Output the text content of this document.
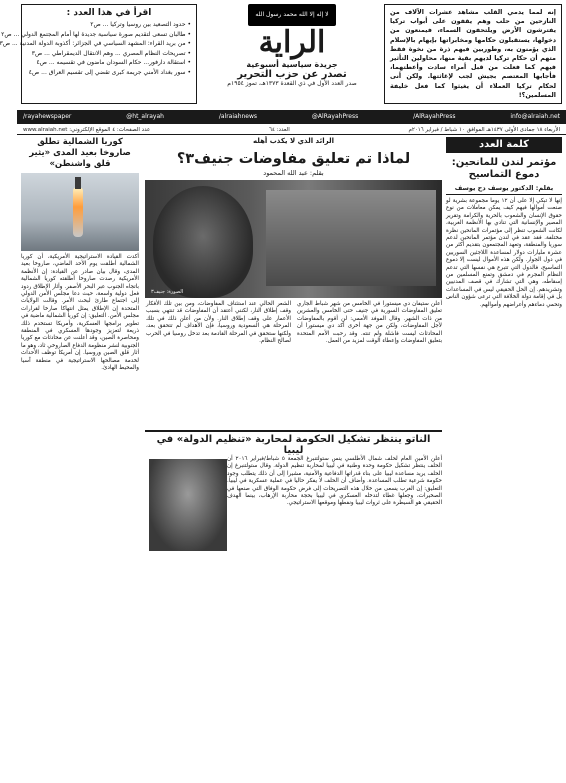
إنه لمما يدمي القلب مشاهد عشرات الآلاف من النازحين من حلب وهم يقفون على أبواب تركيا يفترشون الأرض ويلتحفون السماء، فيمنعون من دخولها، يستقبلون حكامها ومخابراتها بإيهام بالإسلام الذي يؤمنون به، وطوربين فيهم ذرة من نخوة فقط متهم أن حكام تركيا لديهم بقية منها، محاولين التأثير فيهم كما فعلت من قبل أمراء سادت وأعطتهما، فأجابها المعتصم بجيش لجب لإغاثتها. ولكن أنى لحكام تركيا العملاء أن يغيثوا كما فعل خليفة المسلمين؟!
لا إله إلا الله محمد رسول الله
الراية
جريدة سياسية أسبوعية
تصدر عن حزب التحرير
صدر العدد الأول في ذي القعدة ١٣٧٣هـ، تموز ١٩٥٤م
اقرأ في هذا العدد :
• حدود التصعيد بين روسيا وتركيا ... ص٢
• طالبان تسعى لتقديم صورة سياسية جديدة لها أمام المجتمع الدولي ... ص٢
• من بريد القراء: المشهد السياسي في الجزائر: أكذوبة الدولة المدنية ... ص٣
• تصريحات النظام المصري ... وهم الانتقال الديمقراطي ... ص٣
• استقالة دارفور... حكام السودان ماضون في تقسيمه ... ص٤
• سور بغداد الأمني جريمة كبرى تقضي إلى تقسيم العراق ... ص٤
/rayahewspaper	@ht_alrayah	/alraiahnews	@AlRayahPress	/AlRayahPress	info@alraiah.net
الأربعاء ١٨ جمادى الأولى ١٤٣٧هـ الموافق ١٠ شباط / فبراير ٢٠١٦م
العدد: ٦٤
عدد الصفحات: ٤ الموقع الإلكتروني: www.alraiah.net
كلمة العدد
مؤتمر لندن للمانحين: دموع التماسيح
بقلم: الدكتور يوسف دح يوسف
إنها لا تبكي إلا على أن ١٢ يوما مجموعة بشرية لو صنعت أموالها فيهم كيف يمكن معاملات من نوع حقوق الإنسان والشعوب بالحرية والكرامة وتقرير المصير والإنسانية التي تنادي بها الأنظمة الغربية، لكانت الشعوب تنظر إلى مؤتمرات المانحين نظرة مختلفة. فقد عقد في لندن مؤتمر المانحين لدعم سوريا والمنطقة، وتعهد المجتمعون بتقديم أكثر من عشرة مليارات دولار لمساعدة اللاجئين السوريين في دول الجوار. ولكن هذه الأموال ليست إلا دموع التماسيح، فالدول التي تتبرع هي نفسها التي تدعم النظام المجرم في دمشق وتمنع المسلمين من إسقاطه، وهي التي تشارك في قصف المدنيين وتشريدهم. إن الحل الحقيقي ليس في المساعدات بل في إقامة دولة الخلافة التي ترعى شؤون الناس وتحمي دماءهم وأعراضهم وأموالهم.
الرائد الذي لا يكذب أهله
لماذا تم تعليق مفاوضات جنيف٣؟
بقلم: عبد الله المحمود
الصورة: جنيف٣
أعلن ستيفان دي ميستورا في الخامس من شهر شباط الجاري تعليق المفاوضات السورية في جنيف حتى الخامس والعشرين من ذات الشهر. وقال الموفد الأممي: لن أقوم بالمفاوضات لأجل المفاوضات، ولكن من جهة أخرى أكد دي ميستورا أن المحادثات ليست فاشلة ولم تنته. وقد رحبت الأمم المتحدة بتعليق المفاوضات وإعطاء الوقت لمزيد من العمل.
الشعر الحالي عند استئناف المفاوضات، ومن بين تلك الأفكار وقف إطلاق النار، لكنني أعتقد أن المفاوضات قد تنتهي بسبب الأعمار على وقف إطلاق النار. ولأن من أعلن ذلك في تلك المرحلة هي السعودية وروسيا، فإن الأهداف لم تتحقق بعد، ولكنها ستحقق في المرحلة القادمة بعد تدخل روسيا في الحرب لصالح النظام.
الناتو ينتظر تشكيل الحكومة لمحاربة «تنظيم الدولة» في ليبيا
أعلن الأمين العام لحلف شمال الأطلسي ينس ستولتنبرغ الجمعة ٥ شباط/فبراير ٢٠١٦ أن الحلف ينتظر تشكيل حكومة وحدة وطنية في ليبيا لمحاربة تنظيم الدولة. وقال ستولتنبرغ إن الحلف يريد مساعدة ليبيا على بناء قدراتها الدفاعية والأمنية، مشيرا إلى أن ذلك يتطلب وجود حكومة شرعية تطلب المساعدة. وأضاف أن الحلف لا يفكر حاليا في عملية عسكرية في ليبيا. التعليق: إن الغرب يسعى من خلال هذه التصريحات إلى فرض حكومة الوفاق التي صنعها في الصخيرات، وجعلها غطاء لتدخله العسكري في ليبيا بحجة محاربة الإرهاب، بينما الهدف الحقيقي هو السيطرة على ثروات ليبيا ونفطها وموقعها الاستراتيجي.
كوريا الشمالية تطلق صاروخا بعيد المدى «يثير قلق واشنطن»
أكدت القيادة الاستراتيجية الأمريكية، أن كوريا الشمالية أطلقت يوم الأحد الماضي، صاروخا بعيد المدى، وقال بيان صادر عن القيادة: إن الأنظمة الأمريكية رصدت صاروخا أطلقته كوريا الشمالية باتجاه الجنوب عبر البحر الأصفر. وأثار الإطلاق ردود فعل دولية واسعة، حيث دعا مجلس الأمن الدولي إلى اجتماع طارئ لبحث الأمر. وقالت الولايات المتحدة إن الإطلاق يمثل انتهاكا صارخا لقرارات مجلس الأمن. التعليق: إن كوريا الشمالية ماضية في تطوير برامجها العسكرية، وأمريكا تستخدم ذلك ذريعة لتعزيز وجودها العسكري في المنطقة ومحاصرة الصين، وقد أعلنت عن محادثات مع كوريا الجنوبية لنشر منظومة الدفاع الصاروخي ثاد، وهو ما أثار قلق الصين وروسيا. إن أمريكا توظف الأحداث لخدمة مصالحها الاستراتيجية في منطقة آسيا والمحيط الهادئ.
